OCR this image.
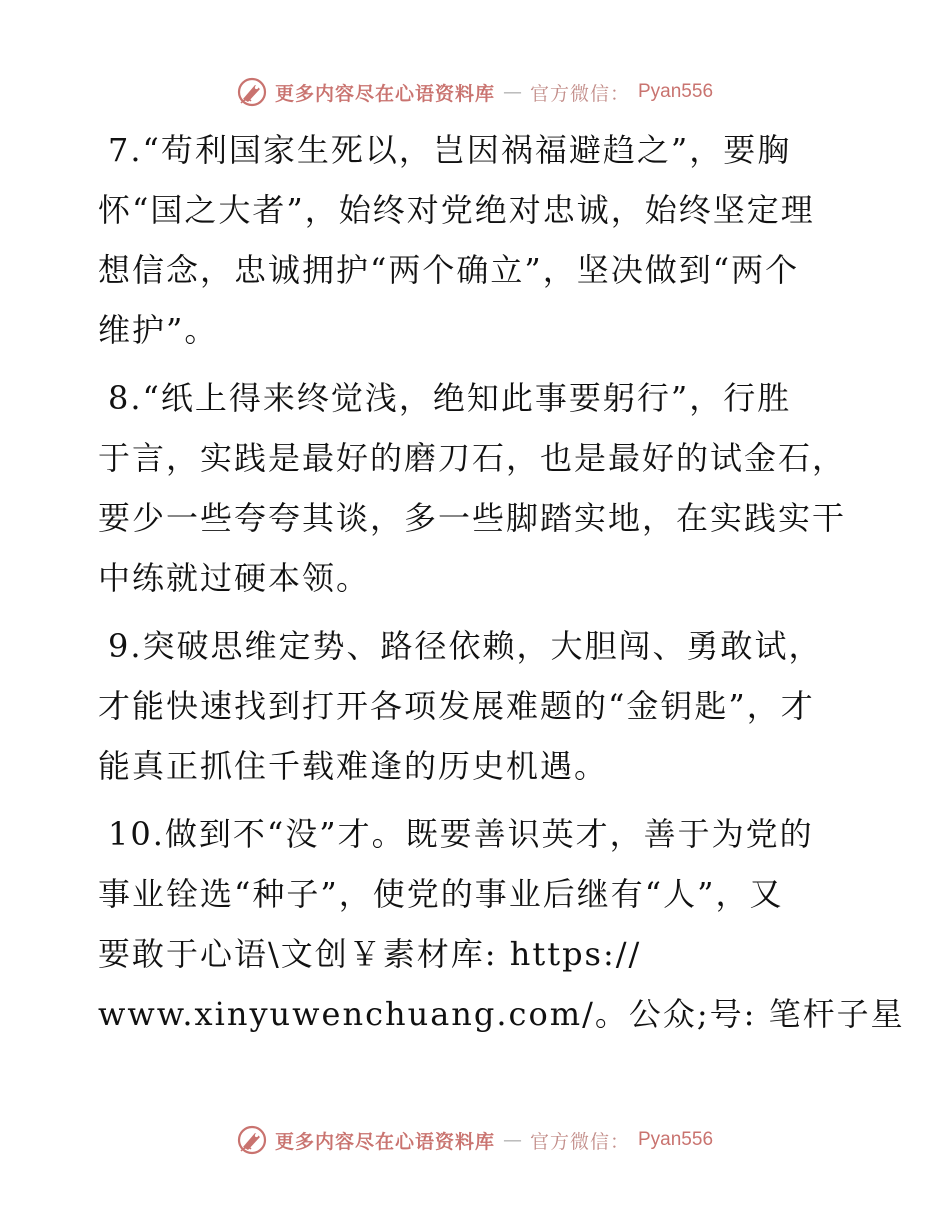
更多内容尽在心语资料库 — 官方微信： Pyan556
7.“苟利国家生死以，岂因祸福避趋之”，要胸
怀“国之大者”，始终对党绝对忠诚，始终坚定理
想信念，忠诚拥护“两个确立”，坚决做到“两个
维护”。
8.“纸上得来终觉浅，绝知此事要躬行”，行胜
于言，实践是最好的磨刀石，也是最好的试金石，
要少一些夸夸其谈，多一些脚踏实地，在实践实干
中练就过硬本领。
9.突破思维定势、路径依赖，大胆闯、勇敢试，
才能快速找到打开各项发展难题的“金钥匙”，才
能真正抓住千载难逢的历史机遇。
10.做到不“没”才。既要善识英才，善于为党的
事业铨选“种子”，使党的事业后继有“人”，又
要敢于心语\文创￥素材库: https://
www.xinyuwenchuang.com/。公众;号: 笔杆子星
更多内容尽在心语资料库 — 官方微信： Pyan556
